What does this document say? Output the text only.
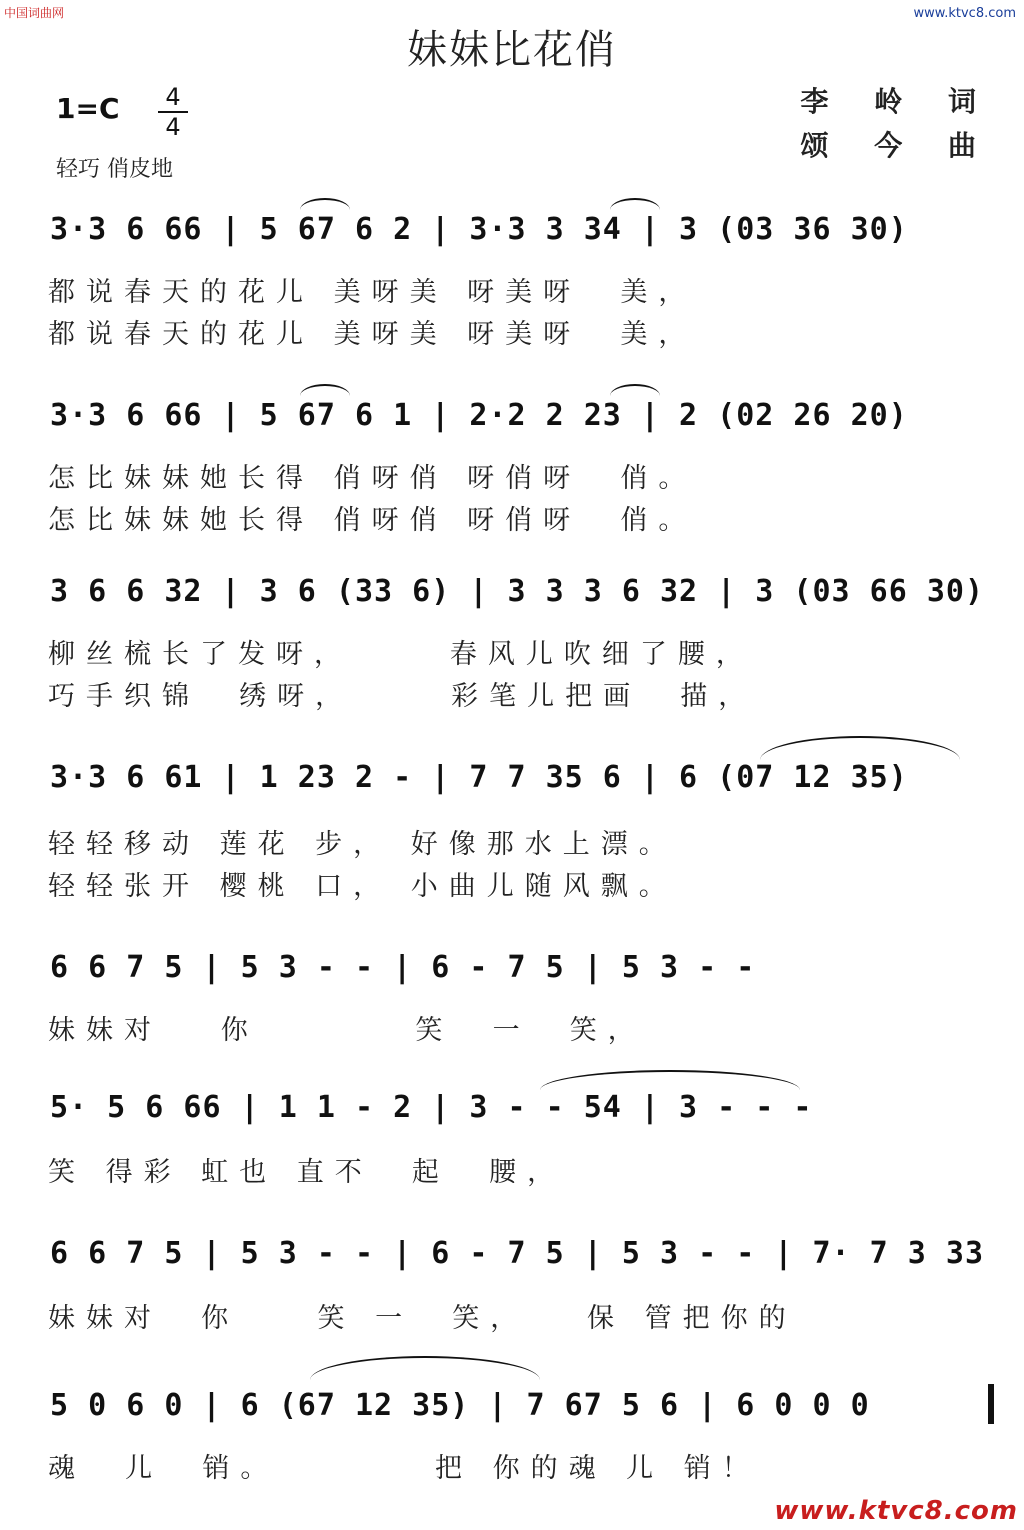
中国词曲网	www.ktvc8.com
妹妹比花俏
1=C	4
4
李 岭 词
颂 今 曲
轻巧 俏皮地
3·3 6 66 | 5 67 6 2 | 3·3 3 34 | 3 (03 36 30)
都说春天的花儿 美呀美 呀美呀  美，
都说春天的花儿 美呀美 呀美呀  美，
3·3 6 66 | 5 67 6 1 | 2·2 2 23 | 2 (02 26 20)
怎比妹妹她长得 俏呀俏 呀俏呀  俏。
怎比妹妹她长得 俏呀俏 呀俏呀  俏。
3 6 6 32 | 3 6 (33 6) | 3 3 3 6 32 | 3 (03 66 30)
柳丝梳长了发呀，     春风儿吹细了腰，
巧手织锦  绣呀，     彩笔儿把画  描，
3·3 6 61 | 1 23 2 - | 7 7 35 6 | 6 (07 12 35)
轻轻移动 莲花 步， 好像那水上漂。
轻轻张开 樱桃 口， 小曲儿随风飘。
6 6 7 5 | 5 3 - - | 6 - 7 5 | 5 3 - -
妹妹对   你        笑  一  笑，
5· 5 6 66 | 1 1 - 2 | 3 - - 54 | 3 - - -
笑 得彩 虹也 直不  起  腰，
6 6 7 5 | 5 3 - - | 6 - 7 5 | 5 3 - - | 7· 7 3 33
妹妹对  你    笑 一  笑，   保 管把你的
5 0 6 0 | 6 (67 12 35) | 7 67 5 6 | 6 0 0 0
魂  儿  销。        把 你的魂 儿 销！
www.ktvc8.com
